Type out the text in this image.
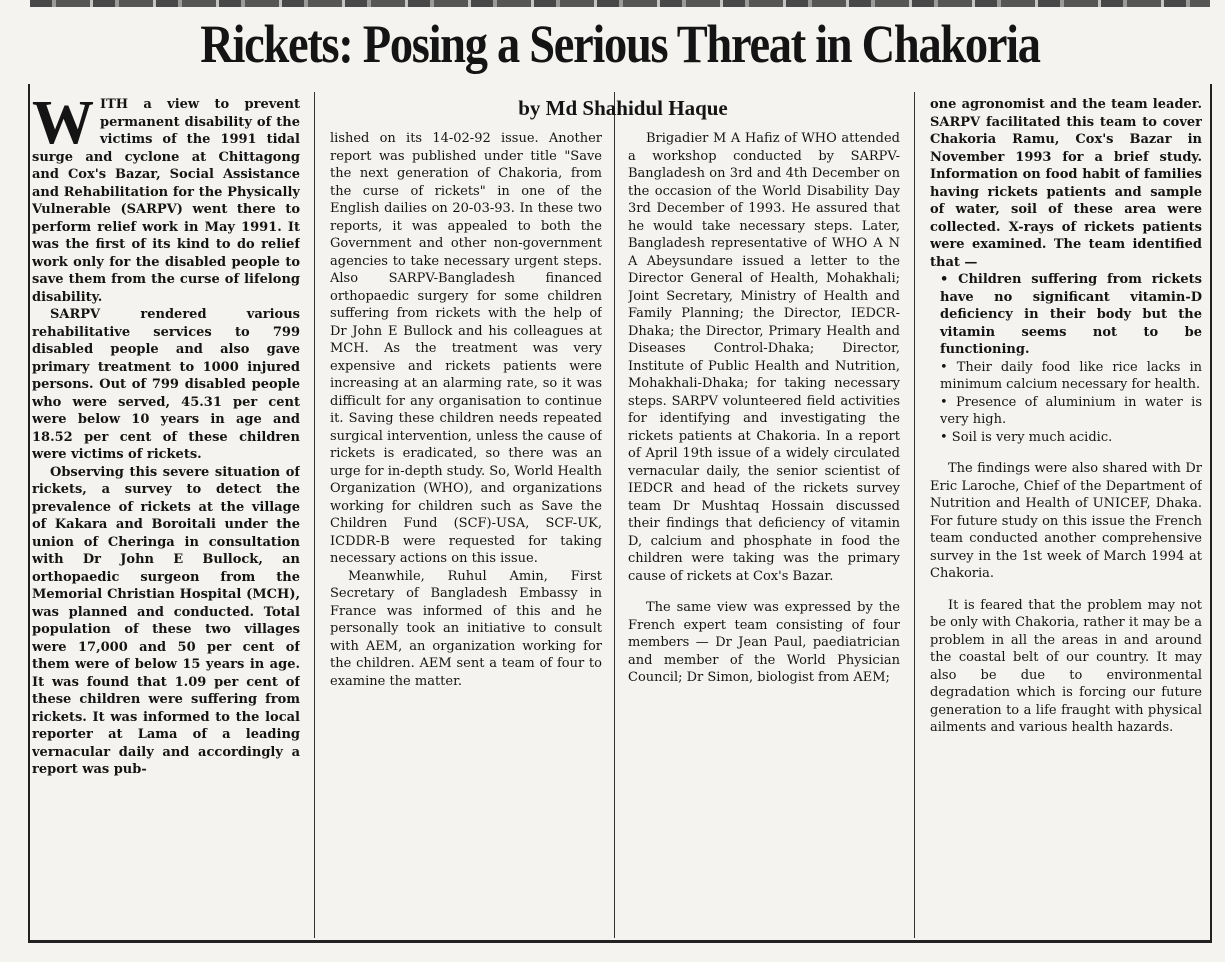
Rickets: Posing a Serious Threat in Chakoria
by Md Shahidul Haque

WITH a view to prevent permanent disability of the victims of the 1991 tidal surge and cyclone at Chittagong and Cox's Bazar, Social Assistance and Rehabilitation for the Physically Vulnerable (SARPV) went there to perform relief work in May 1991. It was the first of its kind to do relief work only for the disabled people to save them from the curse of lifelong disability.

SARPV rendered various rehabilitative services to 799 disabled people and also gave primary treatment to 1000 injured persons. Out of 799 disabled people who were served, 45.31 per cent were below 10 years in age and 18.52 per cent of these children were victims of rickets.

Observing this severe situation of rickets, a survey to detect the prevalence of rickets at the village of Kakara and Boroitali under the union of Cheringa in consultation with Dr John E Bullock, an orthopaedic surgeon from the Memorial Christian Hospital (MCH), was planned and conducted. Total population of these two villages were 17,000 and 50 per cent of them were of below 15 years in age. It was found that 1.09 per cent of these children were suffering from rickets. It was informed to the local reporter at Lama of a leading vernacular daily and accordingly a report was pub-

lished on its 14-02-92 issue. Another report was published under title "Save the next generation of Chakoria, from the curse of rickets" in one of the English dailies on 20-03-93. In these two reports, it was appealed to both the Government and other non-government agencies to take necessary urgent steps. Also SARPV-Bangladesh financed orthopaedic surgery for some children suffering from rickets with the help of Dr John E Bullock and his colleagues at MCH. As the treatment was very expensive and rickets patients were increasing at an alarming rate, so it was difficult for any organisation to continue it. Saving these children needs repeated surgical intervention, unless the cause of rickets is eradicated, so there was an urge for in-depth study. So, World Health Organization (WHO), and organizations working for children such as Save the Children Fund (SCF)-USA, SCF-UK, ICDDR-B were requested for taking necessary actions on this issue.

Meanwhile, Ruhul Amin, First Secretary of Bangladesh Embassy in France was informed of this and he personally took an initiative to consult with AEM, an organization working for the children. AEM sent a team of four to examine the matter.

Brigadier M A Hafiz of WHO attended a workshop conducted by SARPV-Bangladesh on 3rd and 4th December on the occasion of the World Disability Day 3rd December of 1993. He assured that he would take necessary steps. Later, Bangladesh representative of WHO A N A Abeysundare issued a letter to the Director General of Health, Mohakhali; Joint Secretary, Ministry of Health and Family Planning; the Director, IEDCR-Dhaka; the Director, Primary Health and Diseases Control-Dhaka; Director, Institute of Public Health and Nutrition, Mohakhali-Dhaka; for taking necessary steps. SARPV volunteered field activities for identifying and investigating the rickets patients at Chakoria. In a report of April 19th issue of a widely circulated vernacular daily, the senior scientist of IEDCR and head of the rickets survey team Dr Mushtaq Hossain discussed their findings that deficiency of vitamin D, calcium and phosphate in food the children were taking was the primary cause of rickets at Cox's Bazar.

The same view was expressed by the French expert team consisting of four members — Dr Jean Paul, paediatrician and member of the World Physician Council; Dr Simon, biologist from AEM;

one agronomist and the team leader. SARPV facilitated this team to cover Chakoria Ramu, Cox's Bazar in November 1993 for a brief study. Information on food habit of families having rickets patients and sample of water, soil of these area were collected. X-rays of rickets patients were examined. The team identified that —

• Children suffering from rickets have no significant vitamin-D deficiency in their body but the vitamin seems not to be functioning.

• Their daily food like rice lacks in minimum calcium necessary for health.

• Presence of aluminium in water is very high.

• Soil is very much acidic.

The findings were also shared with Dr Eric Laroche, Chief of the Department of Nutrition and Health of UNICEF, Dhaka. For future study on this issue the French team conducted another comprehensive survey in the 1st week of March 1994 at Chakoria.

It is feared that the problem may not be only with Chakoria, rather it may be a problem in all the areas in and around the coastal belt of our country. It may also be due to environmental degradation which is forcing our future generation to a life fraught with physical ailments and various health hazards.
